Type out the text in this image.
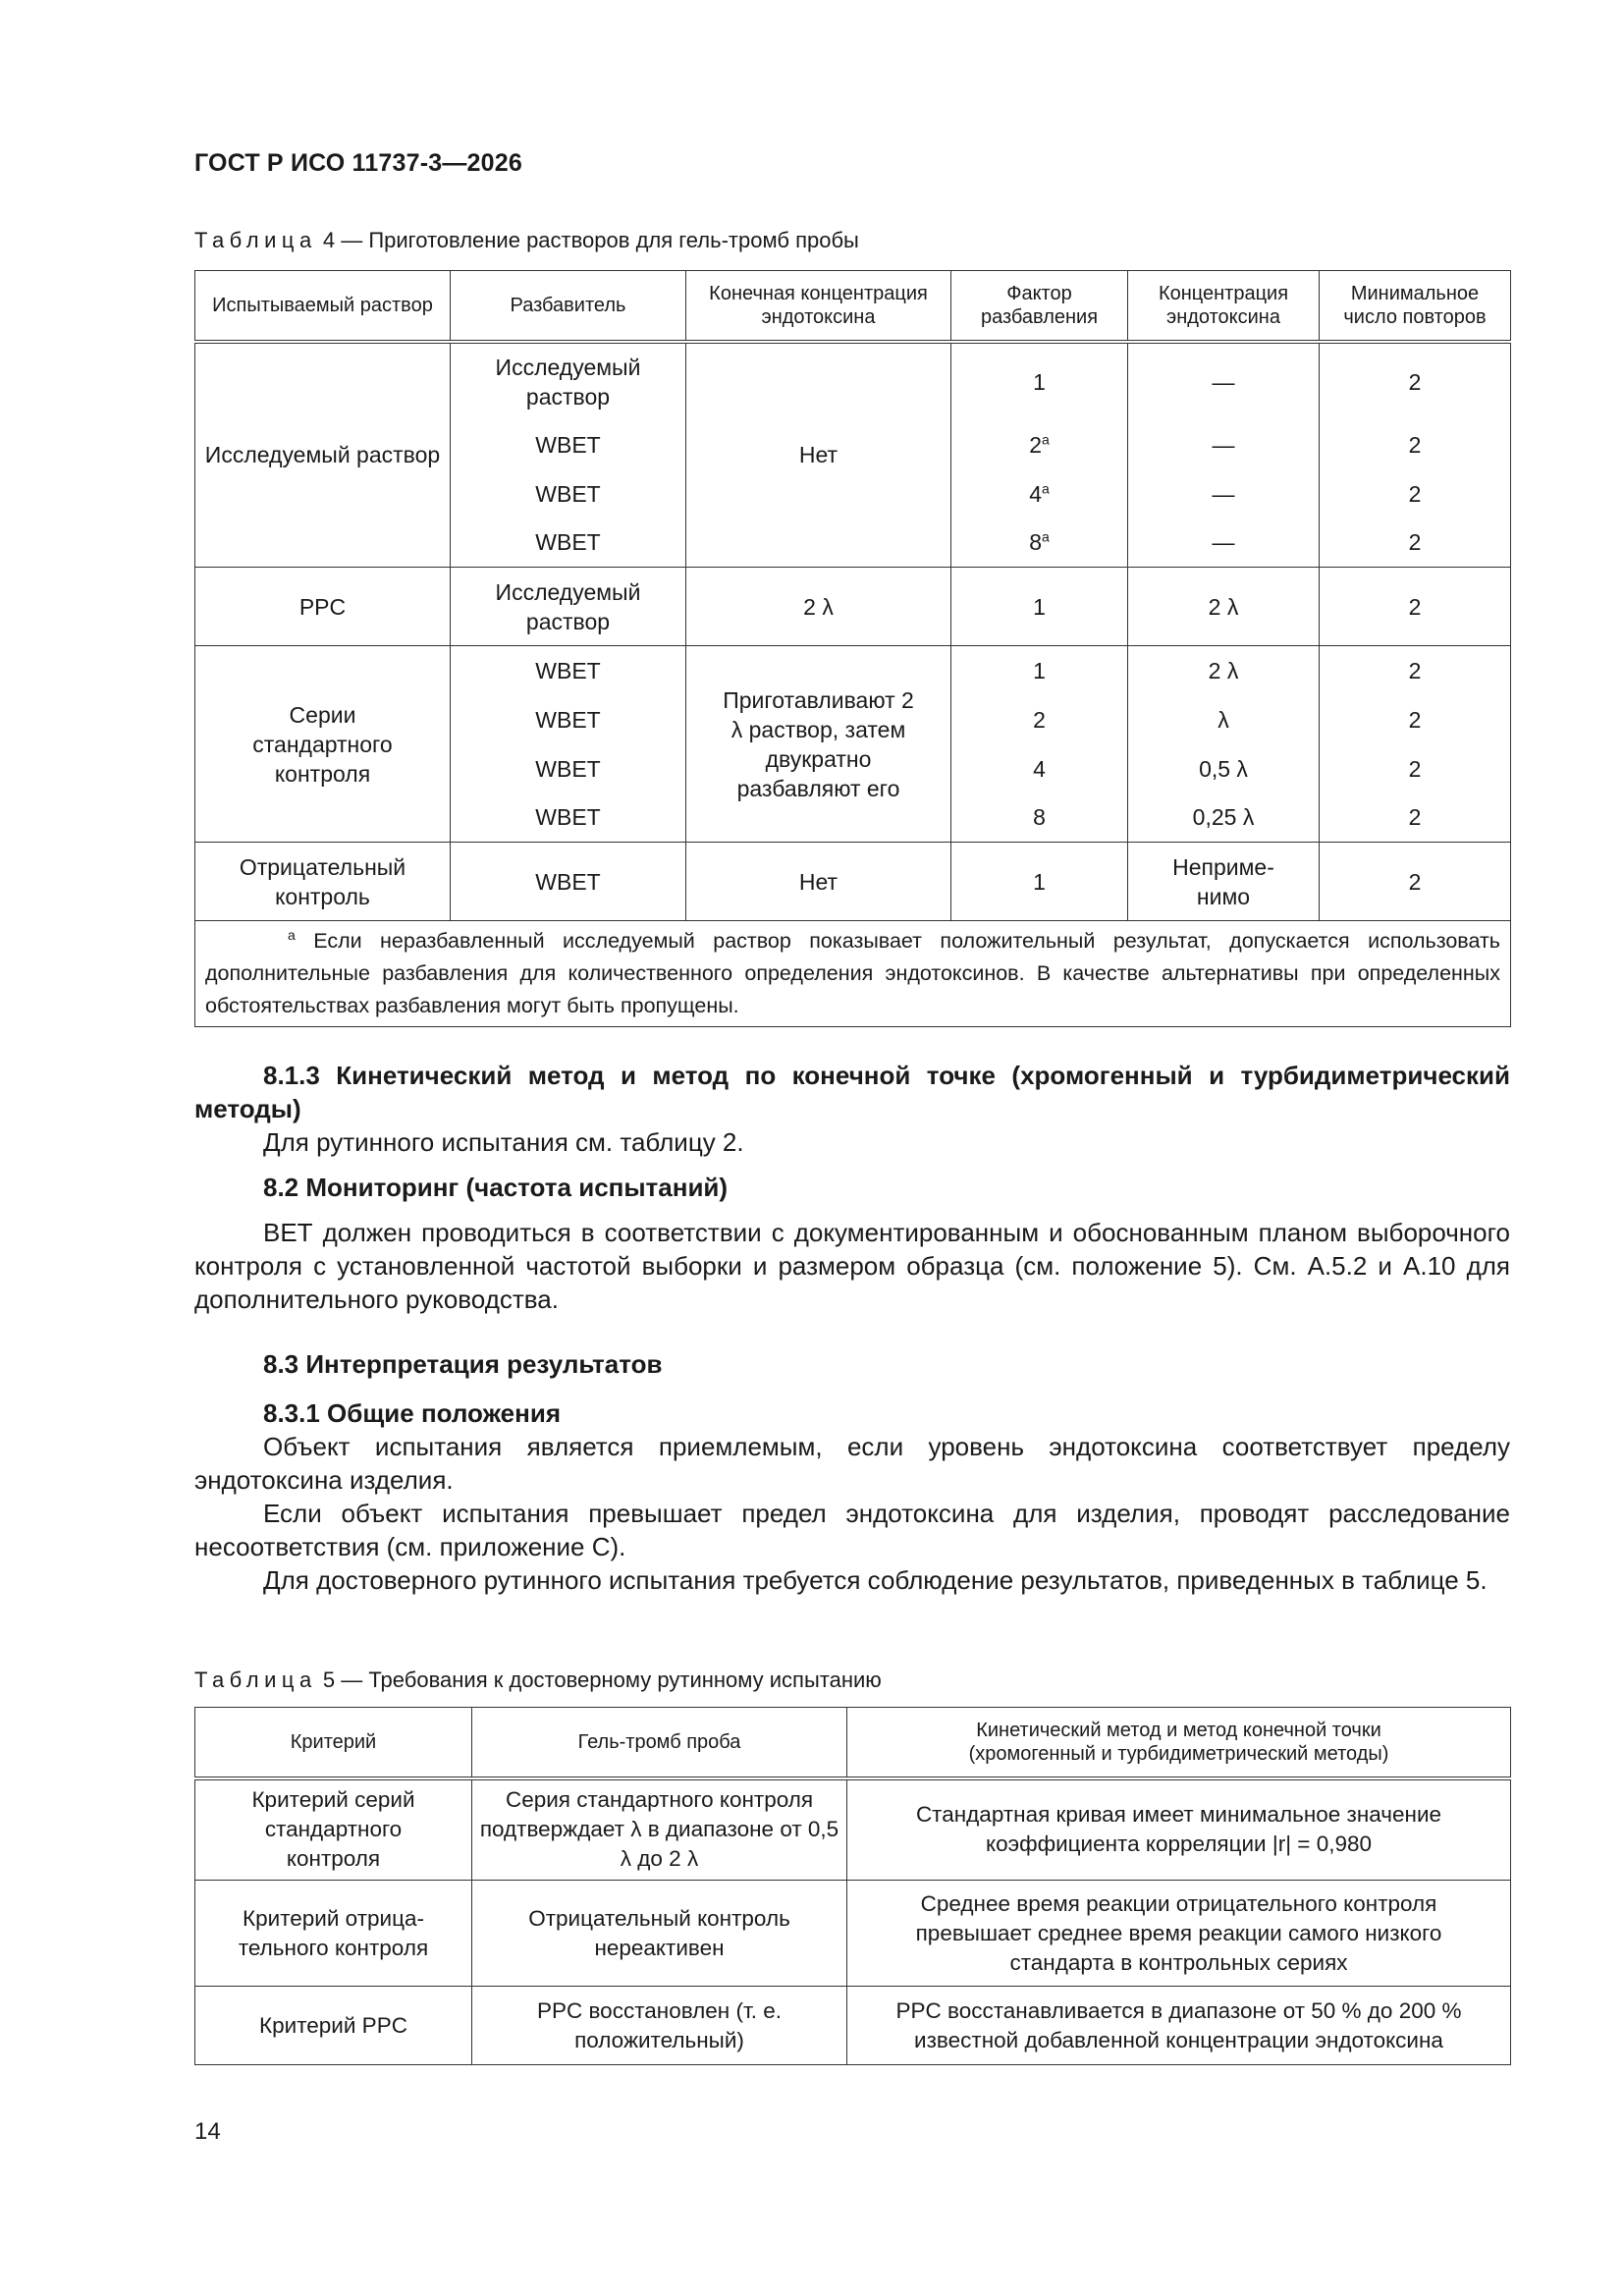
ГОСТ Р ИСО 11737-3—2026
Таблица 4 — Приготовление растворов для гель-тромб пробы
Испытываемый раствор	Разбавитель	Конечная концентрация эндотоксина	Фактор разбавления	Концентрация эндотоксина	Минимальное число повторов
Исследуемый раствор	Исследуемый раствор	Нет	1	—	2
	WBET		2$^a$	—	2
	WBET		4$^a$	—	2
	WBET		8$^a$	—	2
PPC	Исследуемый раствор	2 λ	1	2 λ	2
Серии стандартного контроля	WBET	Приготавливают 2 λ раствор, затем двукратно разбавляют его	1	2 λ	2
	WBET		2	λ	2
	WBET		4	0,5 λ	2
	WBET		8	0,25 λ	2
Отрицательный контроль	WBET	Нет	1	Неприме-нимо	2
$^a$ Если неразбавленный исследуемый раствор показывает положительный результат, допускается использовать дополнительные разбавления для количественного определения эндотоксинов. В качестве альтернативы при определенных обстоятельствах разбавления могут быть пропущены.					
8.1.3 Кинетический метод и метод по конечной точке (хромогенный и турбидиметрический методы)

Для рутинного испытания см. таблицу 2.

8.2 Мониторинг (частота испытаний)

ВЕТ должен проводиться в соответствии с документированным и обоснованным планом выборочного контроля с установленной частотой выборки и размером образца (см. положение 5). См. А.5.2 и А.10 для дополнительного руководства.

8.3 Интерпретация результатов
8.3.1 Общие положения

Объект испытания является приемлемым, если уровень эндотоксина соответствует пределу эндотоксина изделия.

Если объект испытания превышает предел эндотоксина для изделия, проводят расследование несоответствия (см. приложение С).

Для достоверного рутинного испытания требуется соблюдение результатов, приведенных в таблице 5.

Таблица 5 — Требования к достоверному рутинному испытанию
Критерий	Гель-тромб проба	Кинетический метод и метод конечной точки (хромогенный и турбидиметрический методы)
Критерий серий стандартного контроля	Серия стандартного контроля подтверждает λ в диапазоне от 0,5 λ до 2 λ	Стандартная кривая имеет минимальное значение коэффициента корреляции |r| = 0,980
Критерий отрица-тельного контроля	Отрицательный контроль нереактивен	Среднее время реакции отрицательного контроля превышает среднее время реакции самого низкого стандарта в контрольных сериях
Критерий PPC	PPC восстановлен (т. е. положительный)	PPC восстанавливается в диапазоне от 50 % до 200 % известной добавленной концентрации эндотоксина
14
